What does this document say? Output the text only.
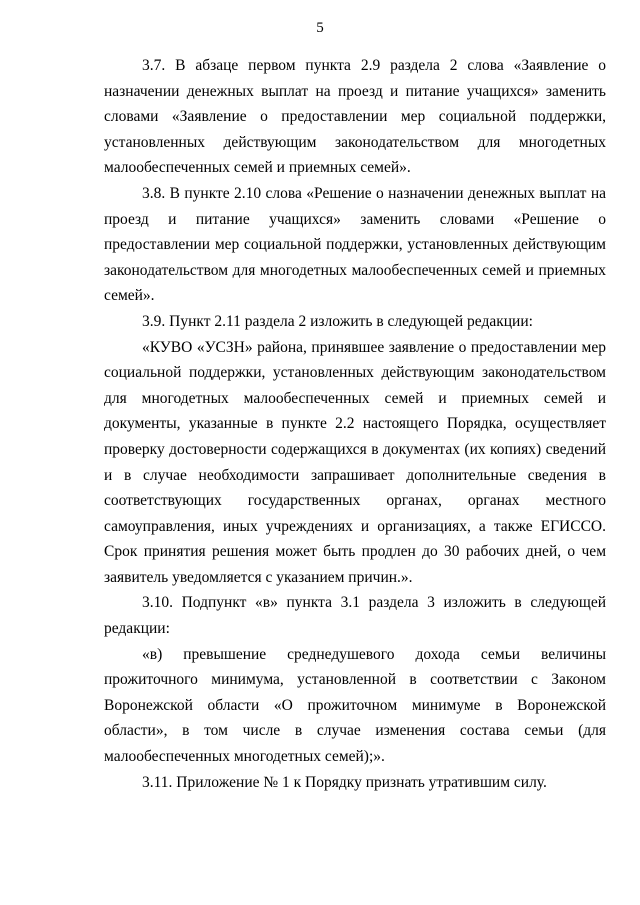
5

3.7. В абзаце первом пункта 2.9 раздела 2 слова «Заявление о назначении денежных выплат на проезд и питание учащихся» заменить словами «Заявление о предоставлении мер социальной поддержки, установленных действующим законодательством для многодетных малообеспеченных семей и приемных семей».

3.8. В пункте 2.10 слова «Решение о назначении денежных выплат на проезд и питание учащихся» заменить словами «Решение о предоставлении мер социальной поддержки, установленных действующим законодательством для многодетных малообеспеченных семей и приемных семей».

3.9. Пункт 2.11 раздела 2 изложить в следующей редакции:

«КУВО «УСЗН» района, принявшее заявление о предоставлении мер социальной поддержки, установленных действующим законодательством для многодетных малообеспеченных семей и приемных семей и документы, указанные в пункте 2.2 настоящего Порядка, осуществляет проверку достоверности содержащихся в документах (их копиях) сведений и в случае необходимости запрашивает дополнительные сведения в соответствующих государственных органах, органах местного самоуправления, иных учреждениях и организациях, а также ЕГИССО. Срок принятия решения может быть продлен до 30 рабочих дней, о чем заявитель уведомляется с указанием причин.».

3.10. Подпункт «в» пункта 3.1 раздела 3 изложить в следующей редакции:

«в) превышение среднедушевого дохода семьи величины прожиточного минимума, установленной в соответствии с Законом Воронежской области «О прожиточном минимуме в Воронежской области», в том числе в случае изменения состава семьи (для малообеспеченных многодетных семей);».

3.11. Приложение № 1 к Порядку признать утратившим силу.
